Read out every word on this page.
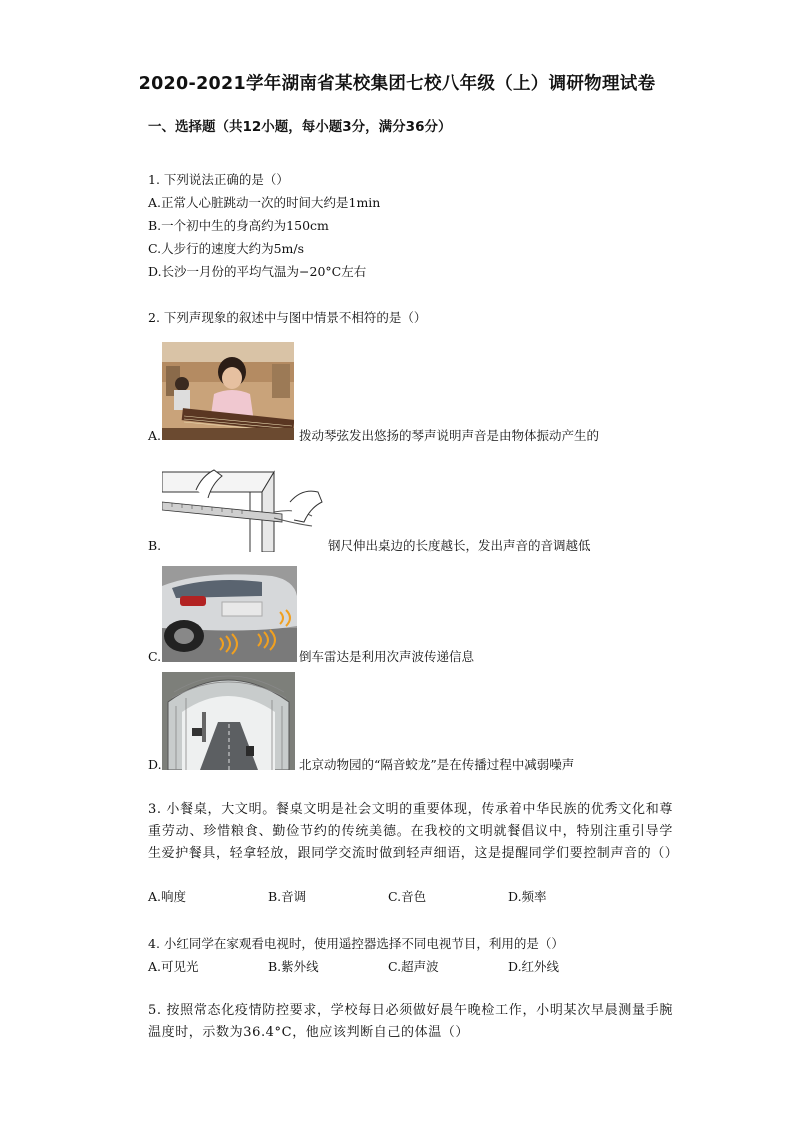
2020-2021学年湖南省某校集团七校八年级（上）调研物理试卷
一、选择题（共12小题，每小题3分，满分36分）
1. 下列说法正确的是（）
A.正常人心脏跳动一次的时间大约是1min
B.一个初中生的身高约为150cm
C.人步行的速度大约为5m/s
D.长沙一月份的平均气温为−20°C左右
2. 下列声现象的叙述中与图中情景不相符的是（）
A.	拨动琴弦发出悠扬的琴声说明声音是由物体振动产生的
B.	钢尺伸出桌边的长度越长，发出声音的音调越低
C.	倒车雷达是利用次声波传递信息
D.	北京动物园的“隔音蛟龙”是在传播过程中减弱噪声
3. 小餐桌，大文明。餐桌文明是社会文明的重要体现，传承着中华民族的优秀文化和尊重劳动、珍惜粮食、勤俭节约的传统美德。在我校的文明就餐倡议中，特别注重引导学生爱护餐具，轻拿轻放，跟同学交流时做到轻声细语，这是提醒同学们要控制声音的（）
A.响度	B.音调	C.音色	D.频率
4. 小红同学在家观看电视时，使用遥控器选择不同电视节目，利用的是（）
A.可见光	B.紫外线	C.超声波	D.红外线
5. 按照常态化疫情防控要求，学校每日必须做好晨午晚检工作，小明某次早晨测量手腕温度时，示数为36.4°C，他应该判断自己的体温（）
